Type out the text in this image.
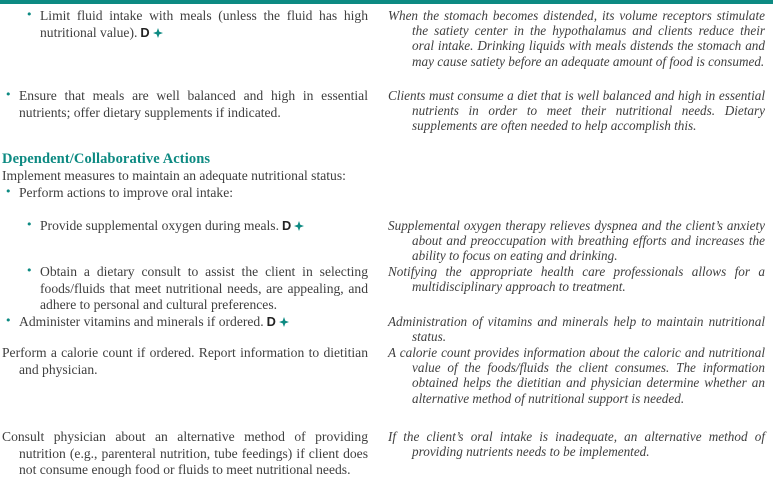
• Limit fluid intake with meals (unless the fluid has high nutritional value). D

When the stomach becomes distended, its volume receptors stimulate the satiety center in the hypothalamus and clients reduce their oral intake. Drinking liquids with meals distends the stomach and may cause satiety before an adequate amount of food is consumed.

• Ensure that meals are well balanced and high in essential nutrients; offer dietary supplements if indicated.

Clients must consume a diet that is well balanced and high in essential nutrients in order to meet their nutritional needs. Dietary supplements are often needed to help accomplish this.

Dependent/Collaborative Actions
Implement measures to maintain an adequate nutritional status:
• Perform actions to improve oral intake:
• Provide supplemental oxygen during meals. D	Supplemental oxygen therapy relieves dyspnea and the client’s anxiety about and preoccupation with breathing efforts and increases the ability to focus on eating and drinking.

• Obtain a dietary consult to assist the client in selecting foods/fluids that meet nutritional needs, are appealing, and adhere to personal and cultural preferences.

Notifying the appropriate health care professionals allows for a multidisciplinary approach to treatment.

• Administer vitamins and minerals if ordered. D	Administration of vitamins and minerals help to maintain nutritional status.

Perform a calorie count if ordered. Report information to dietitian and physician.

A calorie count provides information about the caloric and nutritional value of the foods/fluids the client consumes. The information obtained helps the dietitian and physician determine whether an alternative method of nutritional support is needed.

Consult physician about an alternative method of providing nutrition (e.g., parenteral nutrition, tube feedings) if client does not consume enough food or fluids to meet nutritional needs.

If the client’s oral intake is inadequate, an alternative method of providing nutrients needs to be implemented.
